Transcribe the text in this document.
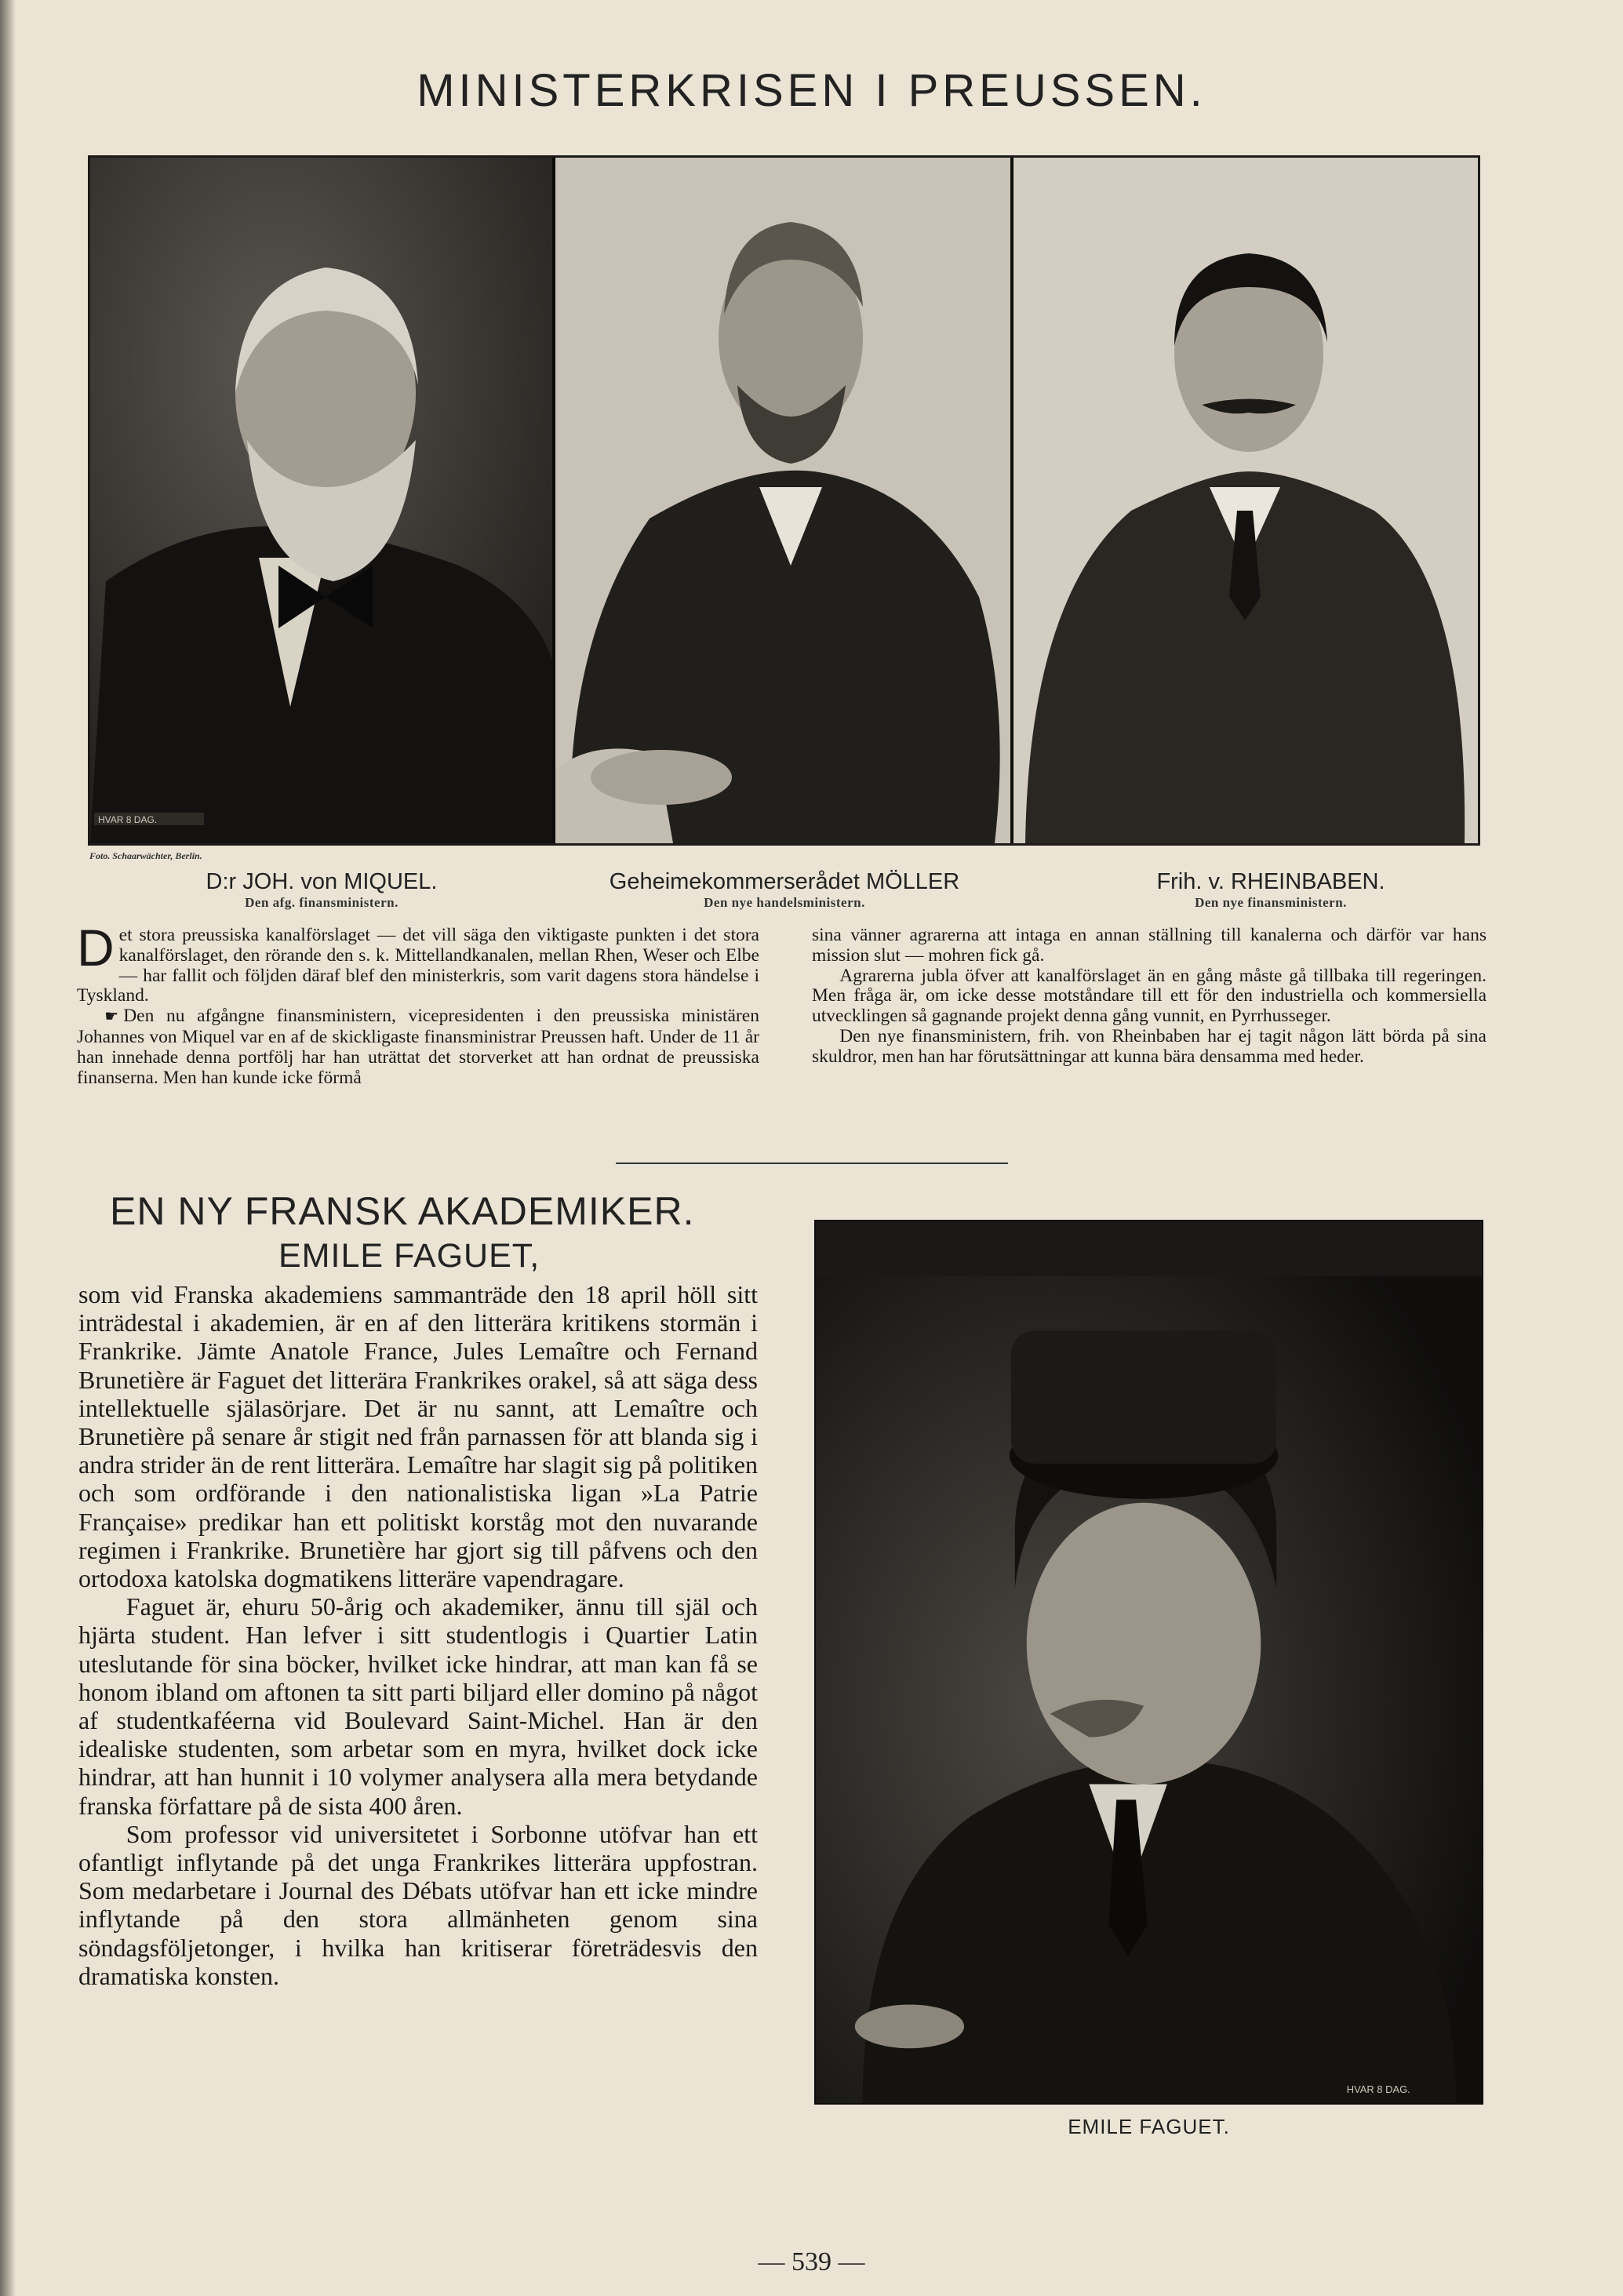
MINISTERKRISEN I PREUSSEN.
HVAR 8 DAG.
Foto. Schaarwächter, Berlin.
D:r JOH. von MIQUEL.
Den afg. finansministern.
Geheimekommerserådet MÖLLER
Den nye handelsministern.
Frih. v. RHEINBABEN.
Den nye finansministern.

Det stora preussiska kanalförslaget — det vill säga den viktigaste punkten i det stora kanalförslaget, den rörande den s. k. Mittellandkanalen, mellan Rhen, Weser och Elbe — har fallit och följden däraf blef den ministerkris, som varit dagens stora händelse i Tyskland.

☛ Den nu afgångne finansministern, vicepresidenten i den preussiska ministären Johannes von Miquel var en af de skickligaste finansministrar Preussen haft. Under de 11 år han innehade denna portfölj har han uträttat det storverket att han ordnat de preussiska finanserna. Men han kunde icke förmå

sina vänner agrarerna att intaga en annan ställning till kanalerna och därför var hans mission slut — mohren fick gå.

Agrarerna jubla öfver att kanalförslaget än en gång måste gå tillbaka till regeringen. Men fråga är, om icke desse motståndare till ett för den industriella och kommersiella utvecklingen så gagnande projekt denna gång vunnit, en Pyrrhusseger.

Den nye finansministern, frih. von Rheinbaben har ej tagit någon lätt börda på sina skuldror, men han har förutsättningar att kunna bära densamma med heder.

EN NY FRANSK AKADEMIKER.
EMILE FAGUET,

som vid Franska akademiens sammanträde den 18 april höll sitt inträdestal i akademien, är en af den litterära kritikens stormän i Frankrike. Jämte Anatole France, Jules Lemaître och Fernand Brunetière är Faguet det litterära Frankrikes orakel, så att säga dess intellektuelle själasörjare. Det är nu sannt, att Lemaître och Brunetière på senare år stigit ned från parnassen för att blanda sig i andra strider än de rent litterära. Lemaître har slagit sig på politiken och som ordförande i den nationalistiska ligan »La Patrie Française» predikar han ett politiskt korståg mot den nuvarande regimen i Frankrike. Brunetière har gjort sig till påfvens och den ortodoxa katolska dogmatikens litteräre vapendragare.

Faguet är, ehuru 50-årig och akademiker, ännu till själ och hjärta student. Han lefver i sitt studentlogis i Quartier Latin uteslutande för sina böcker, hvilket icke hindrar, att man kan få se honom ibland om aftonen ta sitt parti biljard eller domino på något af studentkaféerna vid Boulevard Saint-Michel. Han är den idealiske studenten, som arbetar som en myra, hvilket dock icke hindrar, att han hunnit i 10 volymer analysera alla mera betydande franska författare på de sista 400 åren.

Som professor vid universitetet i Sorbonne utöfvar han ett ofantligt inflytande på det unga Frankrikes litterära uppfostran. Som medarbetare i Journal des Débats utöfvar han ett icke mindre inflytande på den stora allmänheten genom sina söndagsföljetonger, i hvilka han kritiserar företrädesvis den dramatiska konsten.

HVAR 8 DAG.
EMILE FAGUET.
— 539 —
